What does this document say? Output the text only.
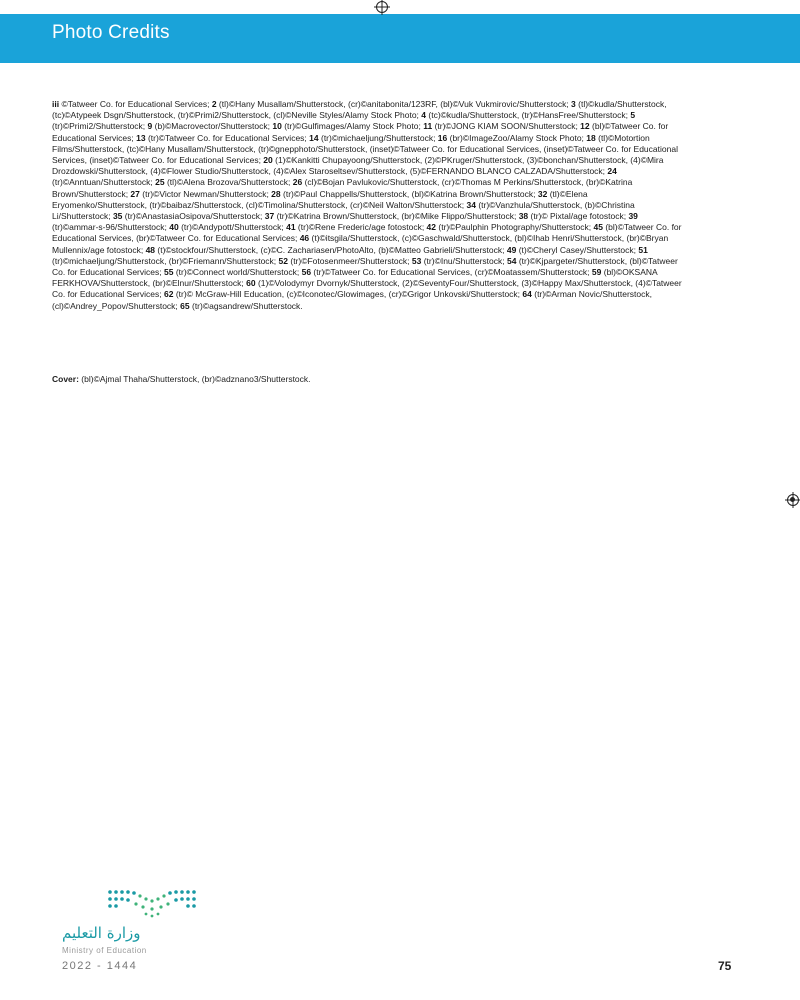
Photo Credits
iii ©Tatweer Co. for Educational Services; 2 (tl)©Hany Musallam/Shutterstock, (cr)©anitabonita/123RF, (bl)©Vuk Vukmirovic/Shutterstock; 3 (tl)©kudla/Shutterstock, (tc)©Atypeek Dsgn/Shutterstock, (tr)©Primi2/Shutterstock, (cl)©Neville Styles/Alamy Stock Photo; 4 (tc)©kudla/Shutterstock, (tr)©HansFree/Shutterstock; 5 (tr)©Primi2/Shutterstock; 9 (b)©Macrovector/Shutterstock; 10 (tr)©Gulfimages/Alamy Stock Photo; 11 (tr)©JONG KIAM SOON/Shutterstock; 12 (bl)©Tatweer Co. for Educational Services; 13 (tr)©Tatweer Co. for Educational Services; 14 (tr)©michaeljung/Shutterstock; 16 (br)©ImageZoo/Alamy Stock Photo; 18 (tl)©Motortion Films/Shutterstock, (tc)©Hany Musallam/Shutterstock, (tr)©gnepphoto/Shutterstock, (inset)©Tatweer Co. for Educational Services, (inset)©Tatweer Co. for Educational Services, (inset)©Tatweer Co. for Educational Services; 20 (1)©Kankitti Chupayoong/Shutterstock, (2)©PKruger/Shutterstock, (3)©bonchan/Shutterstock, (4)©Mira Drozdowski/Shutterstock, (4)©Flower Studio/Shutterstock, (4)©Alex Staroseltsev/Shutterstock, (5)©FERNANDO BLANCO CALZADA/Shutterstock; 24 (tr)©Anntuan/Shutterstock; 25 (tl)©Alena Brozova/Shutterstock; 26 (cl)©Bojan Pavlukovic/Shutterstock, (cr)©Thomas M Perkins/Shutterstock, (br)©Katrina Brown/Shutterstock; 27 (tr)©Victor Newman/Shutterstock; 28 (tr)©Paul Chappells/Shutterstock, (bl)©Katrina Brown/Shutterstock; 32 (tl)©Elena Eryomenko/Shutterstock, (tr)©baibaz/Shutterstock, (cl)©Timolina/Shutterstock, (cr)©Neil Walton/Shutterstock; 34 (tr)©Vanzhula/Shutterstock, (b)©Christina Li/Shutterstock; 35 (tr)©AnastasiaOsipova/Shutterstock; 37 (tr)©Katrina Brown/Shutterstock, (br)©Mike Flippo/Shutterstock; 38 (tr)© Pixtal/age fotostock; 39 (tr)©ammar-s-96/Shutterstock; 40 (tr)©Andypott/Shutterstock; 41 (tr)©Rene Frederic/age fotostock; 42 (tr)©Paulphin Photography/Shutterstock; 45 (bl)©Tatweer Co. for Educational Services, (br)©Tatweer Co. for Educational Services; 46 (t)©itsgila/Shutterstock, (c)©Gaschwald/Shutterstock, (bl)©Ihab Henri/Shutterstock, (br)©Bryan Mullennix/age fotostock; 48 (t)©stockfour/Shutterstock, (c)©C. Zachariasen/PhotoAlto, (b)©Matteo Gabrieli/Shutterstock; 49 (t)©Cheryl Casey/Shutterstock; 51 (tr)©michaeljung/Shutterstock, (br)©Friemann/Shutterstock; 52 (tr)©Fotosenmeer/Shutterstock; 53 (tr)©Inu/Shutterstock; 54 (tr)©Kjpargeter/Shutterstock, (bl)©Tatweer Co. for Educational Services; 55 (tr)©Connect world/Shutterstock; 56 (tr)©Tatweer Co. for Educational Services, (cr)©Moatassem/Shutterstock; 59 (bl)©OKSANA FERKHOVA/Shutterstock, (br)©Elnur/Shutterstock; 60 (1)©Volodymyr Dvornyk/Shutterstock, (2)©SeventyFour/Shutterstock, (3)©Happy Max/Shutterstock, (4)©Tatweer Co. for Educational Services; 62 (tr)© McGraw-Hill Education, (c)©Iconotec/Glowimages, (cr)©Grigor Unkovski/Shutterstock; 64 (tr)©Arman Novic/Shutterstock, (cl)©Andrey_Popov/Shutterstock; 65 (tr)©agsandrew/Shutterstock.
Cover: (bl)©Ajmal Thaha/Shutterstock, (br)©adznano3/Shutterstock.
وزارة التعليم
Ministry of Education
2022 - 1444	75
